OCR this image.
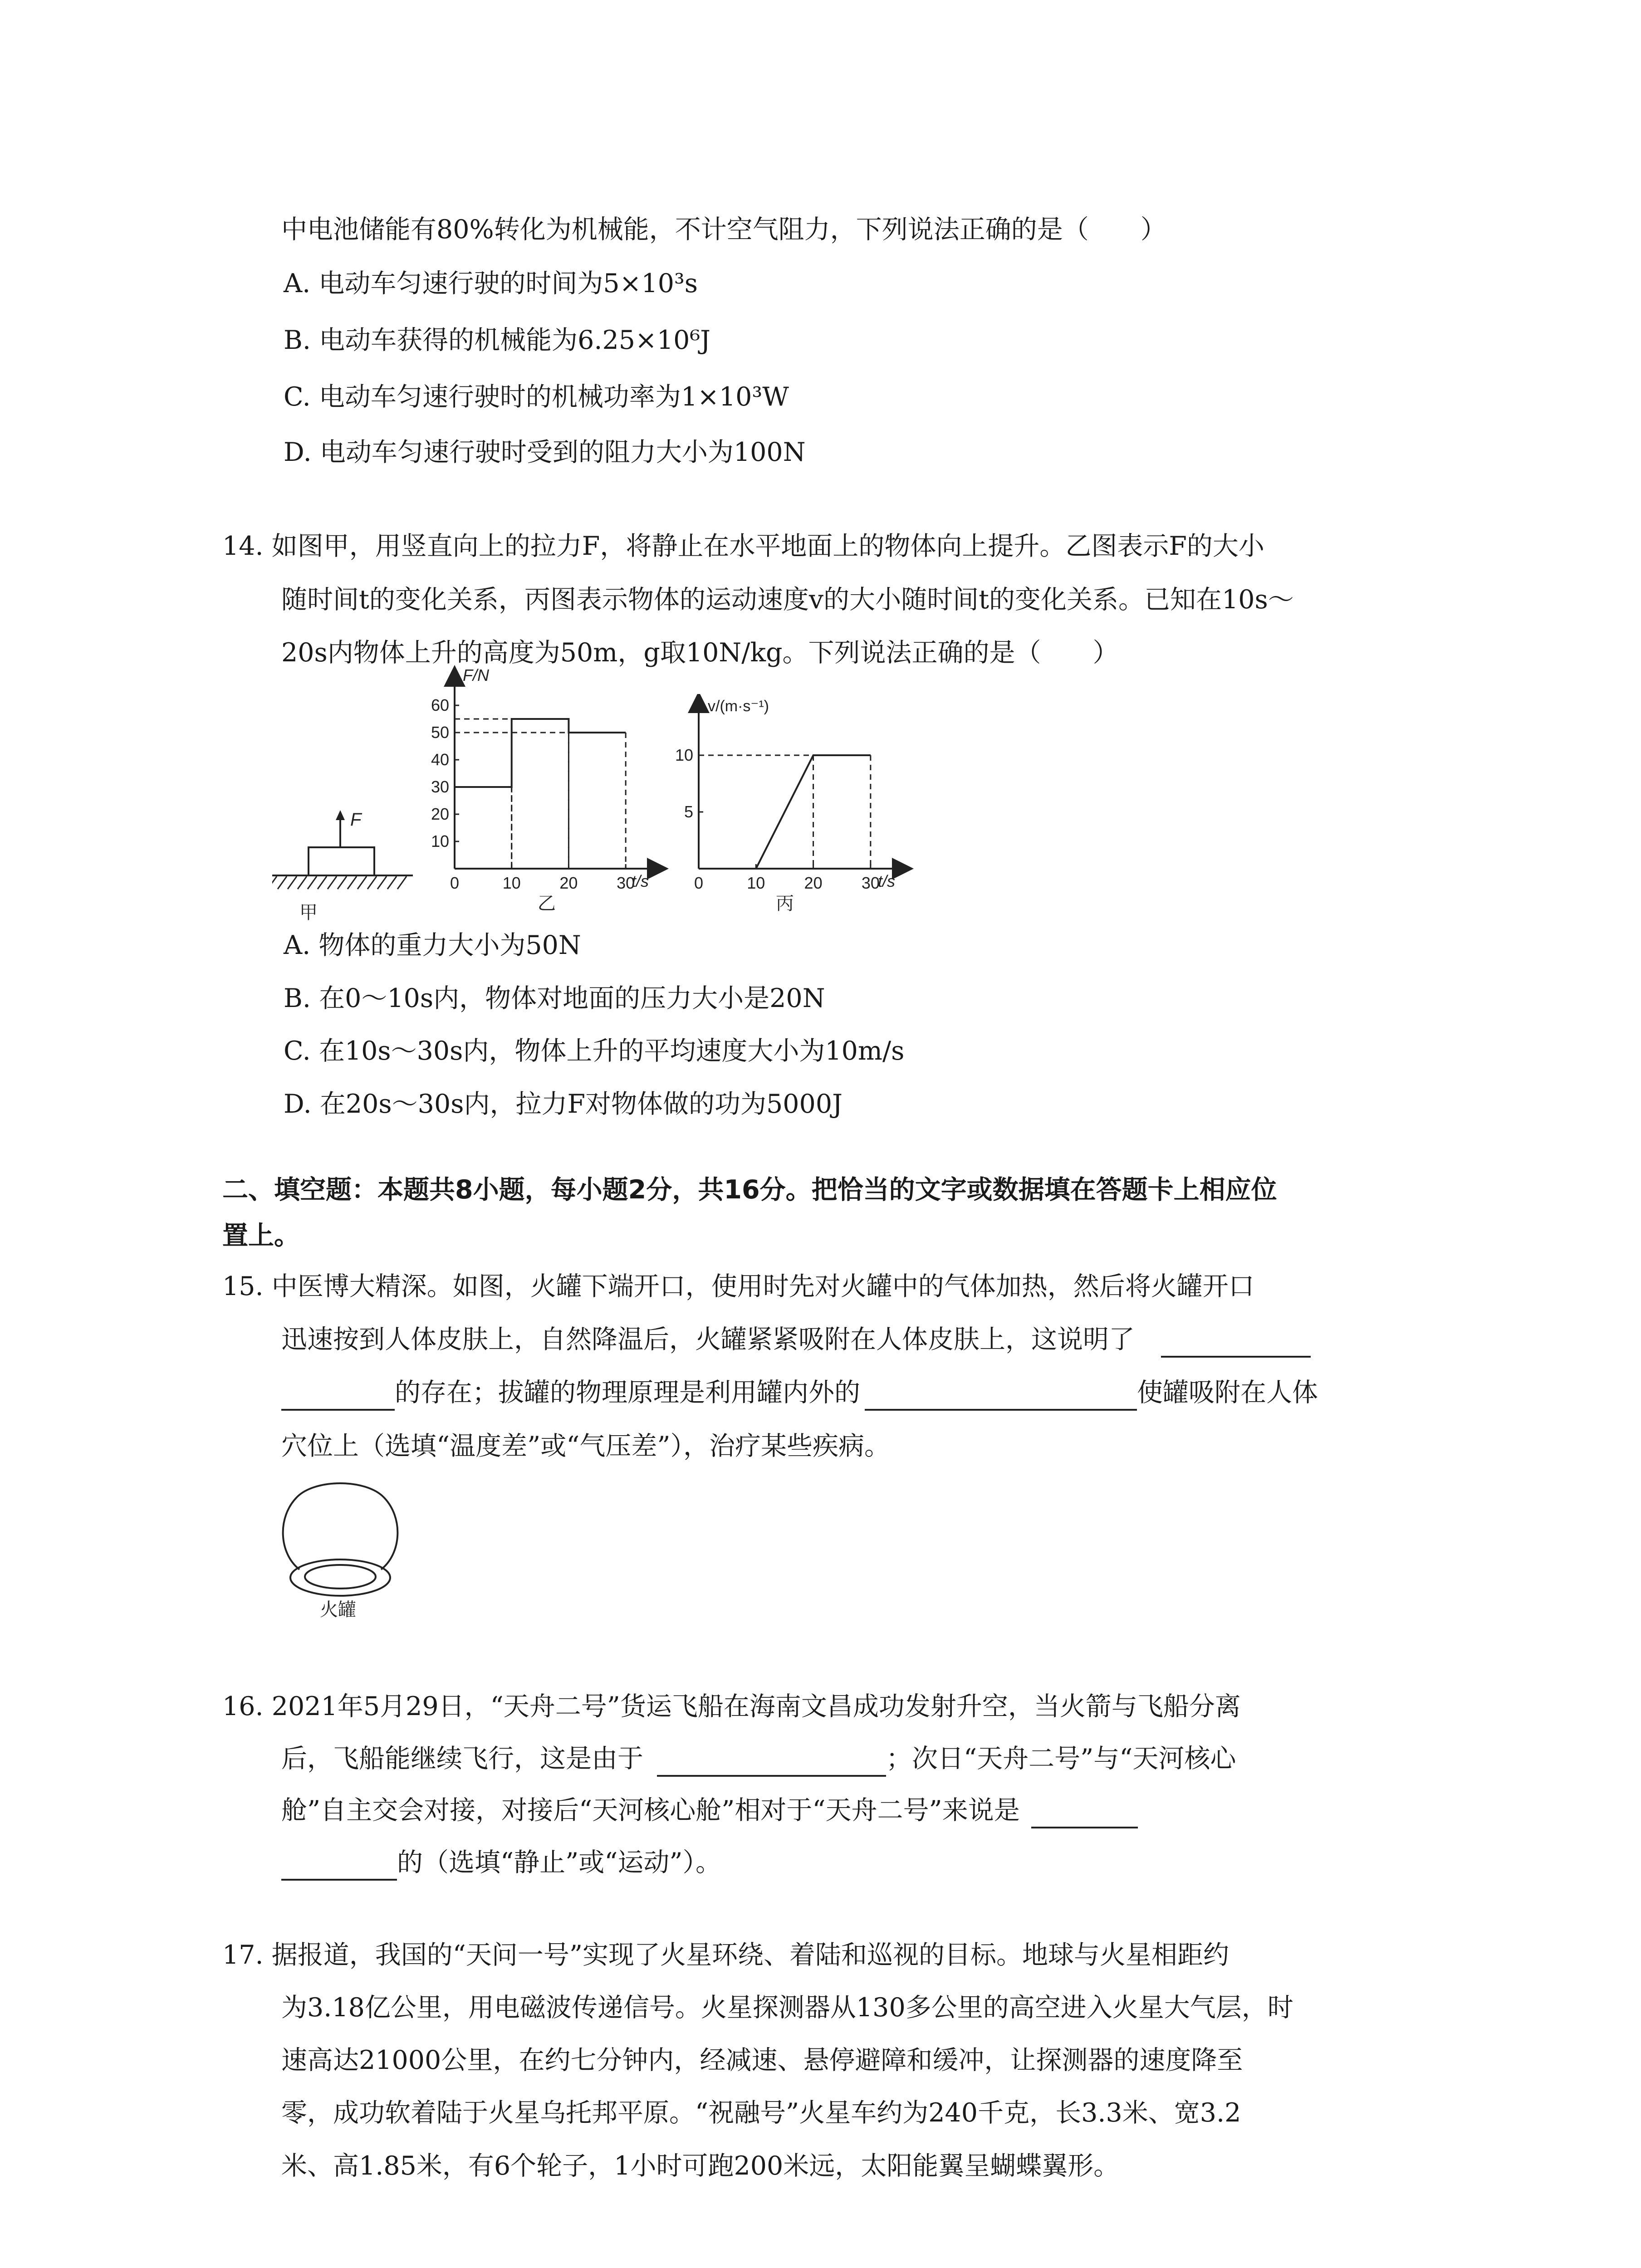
中电池储能有80%转化为机械能，不计空气阻力，下列说法正确的是（　　）
A. 电动车匀速行驶的时间为5×10³s
B. 电动车获得的机械能为6.25×10⁶J
C. 电动车匀速行驶时的机械功率为1×10³W
D. 电动车匀速行驶时受到的阻力大小为100N
14. 如图甲，用竖直向上的拉力F，将静止在水平地面上的物体向上提升。乙图表示F的大小
随时间t的变化关系，丙图表示物体的运动速度v的大小随时间t的变化关系。已知在10s～
20s内物体上升的高度为50m，g取10N/kg。下列说法正确的是（　　）
F
甲
F/N
t/s
10
20
30
40
50
60
0	10 20 30
乙
v/(m·s⁻¹)
t/s
5
10
0	10 20 30
丙
A. 物体的重力大小为50N
B. 在0～10s内，物体对地面的压力大小是20N
C. 在10s～30s内，物体上升的平均速度大小为10m/s
D. 在20s～30s内，拉力F对物体做的功为5000J
二、填空题：本题共8小题，每小题2分，共16分。把恰当的文字或数据填在答题卡上相应位
置上。
15. 中医博大精深。如图，火罐下端开口，使用时先对火罐中的气体加热，然后将火罐开口
迅速按到人体皮肤上，自然降温后，火罐紧紧吸附在人体皮肤上，这说明了
的存在；拔罐的物理原理是利用罐内外的	使罐吸附在人体
穴位上（选填“温度差”或“气压差”），治疗某些疾病。
火罐
16. 2021年5月29日，“天舟二号”货运飞船在海南文昌成功发射升空，当火箭与飞船分离
后，飞船能继续飞行，这是由于	；次日“天舟二号”与“天河核心
舱”自主交会对接，对接后“天河核心舱”相对于“天舟二号”来说是
的（选填“静止”或“运动”）。
17. 据报道，我国的“天问一号”实现了火星环绕、着陆和巡视的目标。地球与火星相距约
为3.18亿公里，用电磁波传递信号。火星探测器从130多公里的高空进入火星大气层，时
速高达21000公里，在约七分钟内，经减速、悬停避障和缓冲，让探测器的速度降至
零，成功软着陆于火星乌托邦平原。“祝融号”火星车约为240千克，长3.3米、宽3.2
米、高1.85米，有6个轮子，1小时可跑200米远，太阳能翼呈蝴蝶翼形。
